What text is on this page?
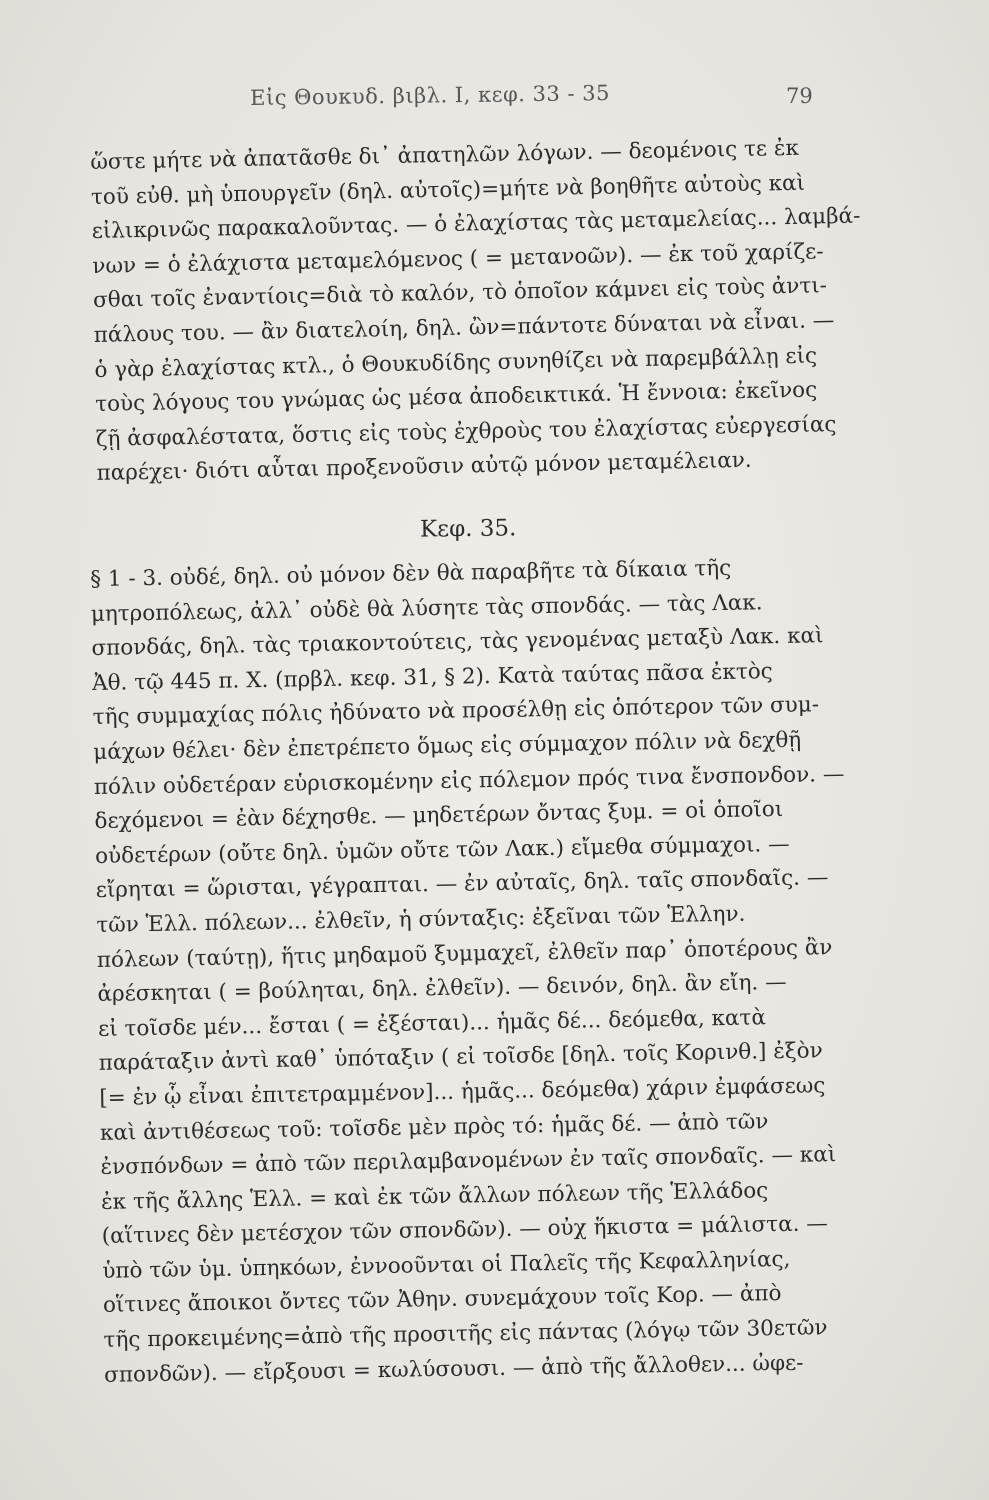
Εἰς Θουκυδ. βιβλ. I, κεφ. 33 - 35	79
ὥστε μήτε νὰ ἀπατᾶσθε δι᾽ ἀπατηλῶν λόγων. — δεομένοις τε ἐκ
τοῦ εὐθ. μὴ ὑπουργεῖν (δηλ. αὐτοῖς)=μήτε νὰ βοηθῆτε αὐτοὺς καὶ
εἰλικρινῶς παρακαλοῦντας. — ὁ ἐλαχίστας τὰς μεταμελείας... λαμβά-
νων = ὁ ἐλάχιστα μεταμελόμενος ( = μετανοῶν). — ἐκ τοῦ χαρίζε-
σθαι τοῖς ἐναντίοις=διὰ τὸ καλόν, τὸ ὁποῖον κάμνει εἰς τοὺς ἀντι-
πάλους του. — ἂν διατελοίη, δηλ. ὢν=πάντοτε δύναται νὰ εἶναι. —
ὁ γὰρ ἐλαχίστας κτλ., ὁ Θουκυδίδης συνηθίζει νὰ παρεμβάλλῃ εἰς
τοὺς λόγους του γνώμας ὡς μέσα ἀποδεικτικά. Ἡ ἔννοια: ἐκεῖνος
ζῇ ἀσφαλέστατα, ὅστις εἰς τοὺς ἐχθροὺς του ἐλαχίστας εὐεργεσίας
παρέχει· διότι αὗται προξενοῦσιν αὐτῷ μόνον μεταμέλειαν.
Κεφ. 35.
§ 1 - 3. οὐδέ, δηλ. οὐ μόνον δὲν θὰ παραβῆτε τὰ δίκαια τῆς
μητροπόλεως, ἀλλ᾽ οὐδὲ θὰ λύσητε τὰς σπονδάς. — τὰς Λακ.
σπονδάς, δηλ. τὰς τριακοντούτεις, τὰς γενομένας μεταξὺ Λακ. καὶ
Ἀθ. τῷ 445 π. Χ. (πρβλ. κεφ. 31, § 2). Κατὰ ταύτας πᾶσα ἐκτὸς
τῆς συμμαχίας πόλις ἠδύνατο νὰ προσέλθῃ εἰς ὁπότερον τῶν συμ-
μάχων θέλει· δὲν ἐπετρέπετο ὅμως εἰς σύμμαχον πόλιν νὰ δεχθῇ
πόλιν οὐδετέραν εὑρισκομένην εἰς πόλεμον πρός τινα ἔνσπονδον. —
δεχόμενοι = ἐὰν δέχησθε. — μηδετέρων ὄντας ξυμ. = οἱ ὁποῖοι
οὐδετέρων (οὔτε δηλ. ὑμῶν οὔτε τῶν Λακ.) εἴμεθα σύμμαχοι. —
εἴρηται = ὥρισται, γέγραπται. — ἐν αὐταῖς, δηλ. ταῖς σπονδαῖς. —
τῶν Ἑλλ. πόλεων... ἐλθεῖν, ἡ σύνταξις: ἐξεῖναι τῶν Ἑλλην.
πόλεων (ταύτῃ), ἥτις μηδαμοῦ ξυμμαχεῖ, ἐλθεῖν παρ᾽ ὁποτέρους ἂν
ἀρέσκηται ( = βούληται, δηλ. ἐλθεῖν). — δεινόν, δηλ. ἂν εἴη. —
εἰ τοῖσδε μέν... ἔσται ( = ἐξέσται)... ἡμᾶς δέ... δεόμεθα, κατὰ
παράταξιν ἀντὶ καθ᾽ ὑπόταξιν ( εἰ τοῖσδε [δηλ. τοῖς Κορινθ.] ἐξὸν
[= ἐν ᾧ εἶναι ἐπιτετραμμένον]... ἡμᾶς... δεόμεθα) χάριν ἐμφάσεως
καὶ ἀντιθέσεως τοῦ: τοῖσδε μὲν πρὸς τό: ἡμᾶς δέ. — ἀπὸ τῶν
ἐνσπόνδων = ἀπὸ τῶν περιλαμβανομένων ἐν ταῖς σπονδαῖς. — καὶ
ἐκ τῆς ἄλλης Ἑλλ. = καὶ ἐκ τῶν ἄλλων πόλεων τῆς Ἑλλάδος
(αἵτινες δὲν μετέσχον τῶν σπονδῶν). — οὐχ ἥκιστα = μάλιστα. —
ὑπὸ τῶν ὑμ. ὑπηκόων, ἐννοοῦνται οἱ Παλεῖς τῆς Κεφαλληνίας,
οἵτινες ἄποικοι ὄντες τῶν Ἀθην. συνεμάχουν τοῖς Κορ. — ἀπὸ
τῆς προκειμένης=ἀπὸ τῆς προσιτῆς εἰς πάντας (λόγῳ τῶν 30ετῶν
σπονδῶν). — εἴρξουσι = κωλύσουσι. — ἀπὸ τῆς ἄλλοθεν... ὠφε-
